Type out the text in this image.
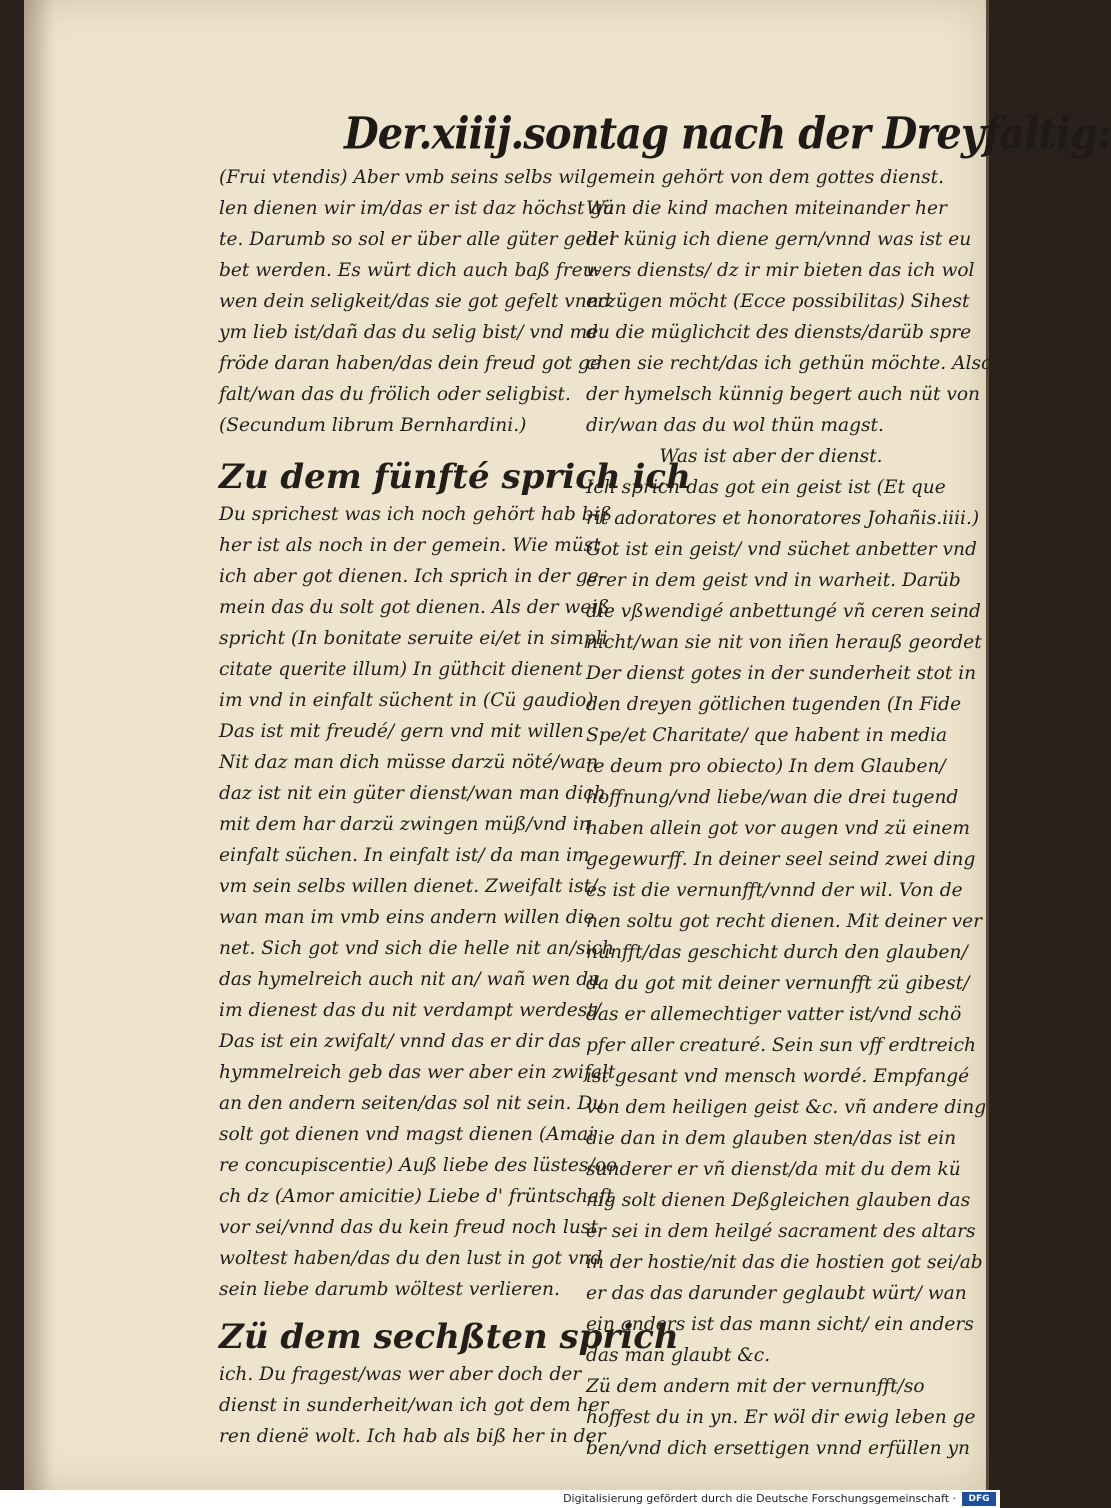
Der.xiiij.sontag nach der Dreyfaltig:
(Frui vtendis) Aber vmb seins selbs wil
len dienen wir im/das er ist daz höchst gü
te. Darumb so sol er über alle güter geliel
bet werden. Es würt dich auch baß freu-
wen dein seligkeit/das sie got gefelt vnnd
ym lieb ist/dañ das du selig bist/ vnd me
fröde daran haben/das dein freud got ge
falt/wan das du frölich oder seligbist.
(Secundum librum Bernhardini.)
Zu dem fünfté sprich ich
Du sprichest was ich noch gehört hab biß
her ist als noch in der gemein. Wie müst
ich aber got dienen. Ich sprich in der ge-
mein das du solt got dienen. Als der weiß
spricht (In bonitate seruite ei/et in simpli
citate querite illum) In güthcit dienent
im vnd in einfalt süchent in (Cü gaudio)
Das ist mit freudé/ gern vnd mit willen
Nit daz man dich müsse darzü nöté/wan
daz ist nit ein güter dienst/wan man dich
mit dem har darzü zwingen müß/vnd in
einfalt süchen. In einfalt ist/ da man im
vm sein selbs willen dienet. Zweifalt ist/
wan man im vmb eins andern willen die
net. Sich got vnd sich die helle nit an/sich
das hymelreich auch nit an/ wañ wen du
im dienest das du nit verdampt werdest/
Das ist ein zwifalt/ vnnd das er dir das
hymmelreich geb das wer aber ein zwifalt
an den andern seiten/das sol nit sein. Du
solt got dienen vnd magst dienen (Amai
re concupiscentie) Auß liebe des lüstes/oo
ch dz (Amor amicitie) Liebe d' früntschaft
vor sei/vnnd das du kein freud noch lust
woltest haben/das du den lust in got vnd
sein liebe darumb wöltest verlieren.
Zü dem sechßten sprich
ich. Du fragest/was wer aber doch der
dienst in sunderheit/wan ich got dem her
ren dienë wolt. Ich hab als biß her in der
gemein gehört von dem gottes dienst.
Wan die kind machen miteinander her
der künig ich diene gern/vnnd was ist eu
wers diensts/ dz ir mir bieten das ich wol
erzügen möcht (Ecce possibilitas) Sihest
du die müglichcit des diensts/darüb spre
chen sie recht/das ich gethün möchte. Also
der hymelsch künnig begert auch nüt von
dir/wan das du wol thün magst.
Was ist aber der dienst.
Ich sprich das got ein geist ist (Et que
rit adoratores et honoratores Johañis.iiii.)
Got ist ein geist/ vnd süchet anbetter vnd
erer in dem geist vnd in warheit. Darüb
die vßwendigé anbettungé vñ ceren seind
nicht/wan sie nit von iñen herauß geordet
Der dienst gotes in der sunderheit stot in
den dreyen götlichen tugenden (In Fide
Spe/et Charitate/ que habent in media
te deum pro obiecto) In dem Glauben/
hoffnung/vnd liebe/wan die drei tugend
haben allein got vor augen vnd zü einem
gegewurff. In deiner seel seind zwei ding
es ist die vernunfft/vnnd der wil. Von de
nen soltu got recht dienen. Mit deiner ver
nunfft/das geschicht durch den glauben/
da du got mit deiner vernunfft zü gibest/
das er allemechtiger vatter ist/vnd schö
pfer aller creaturé. Sein sun vff erdtreich
ist gesant vnd mensch wordé. Empfangé
von dem heiligen geist &c. vñ andere ding
die dan in dem glauben sten/das ist ein
sunderer er vñ dienst/da mit du dem kü
nig solt dienen Deßgleichen glauben das
er sei in dem heilgé sacrament des altars
in der hostie/nit das die hostien got sei/ab
er das das darunder geglaubt würt/ wan
ein anders ist das mann sicht/ ein anders
das man glaubt &c.
Zü dem andern mit der vernunfft/so
hoffest du in yn. Er wöl dir ewig leben ge
ben/vnd dich ersettigen vnnd erfüllen yn
Digitalisierung gefördert durch die Deutsche Forschungsgemeinschaft ·	DFG
